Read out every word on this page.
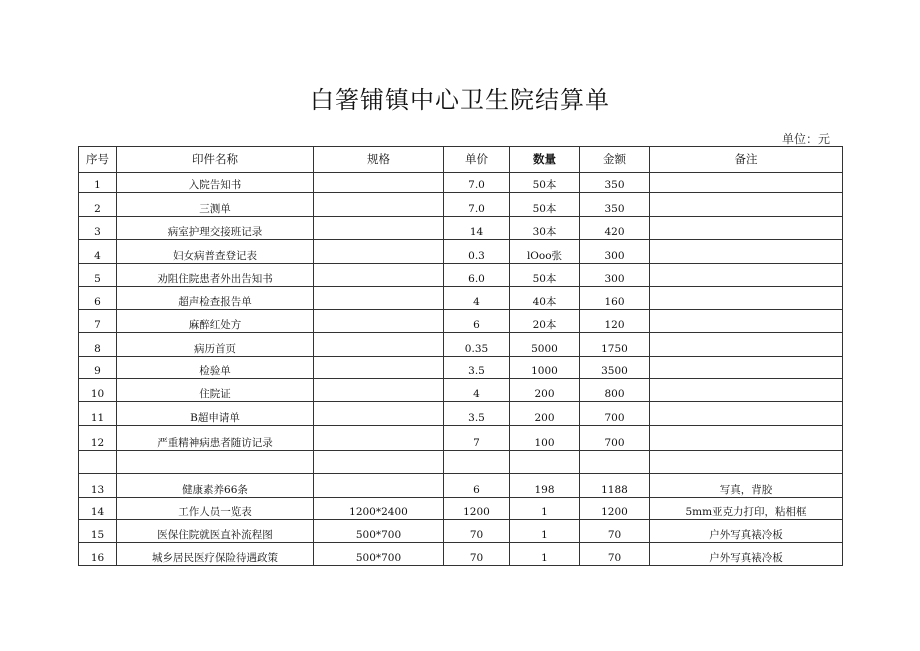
白箸铺镇中心卫生院结算单
单位：元
序号	印件名称	规格	单价	数量	金额	备注
1	入院告知书		7.0	50本	350	
2	三测单		7.0	50本	350	
3	病室护理交接班记录		14	30本	420	
4	妇女病普查登记表		0.3	lOoo张	300	
5	劝阻住院患者外出告知书		6.0	50本	300	
6	超声检查报告单		4	40本	160	
7	麻醉红处方		6	20本	120	
8	病历首页		0.35	5000	1750	
9	检验单		3.5	1000	3500	
10	住院证		4	200	800	
11	B超申请单		3.5	200	700	
12	严重精神病患者随访记录		7	100	700	

13	健康素养66条		6	198	1188	写真，背胶
14	工作人员一览表	1200*2400	1200	1	1200	5mm亚克力打印，粘相框
15	医保住院就医直补流程图	500*700	70	1	70	户外写真裱冷板
16	城乡居民医疗保险待遇政策	500*700	70	1	70	户外写真裱冷板
